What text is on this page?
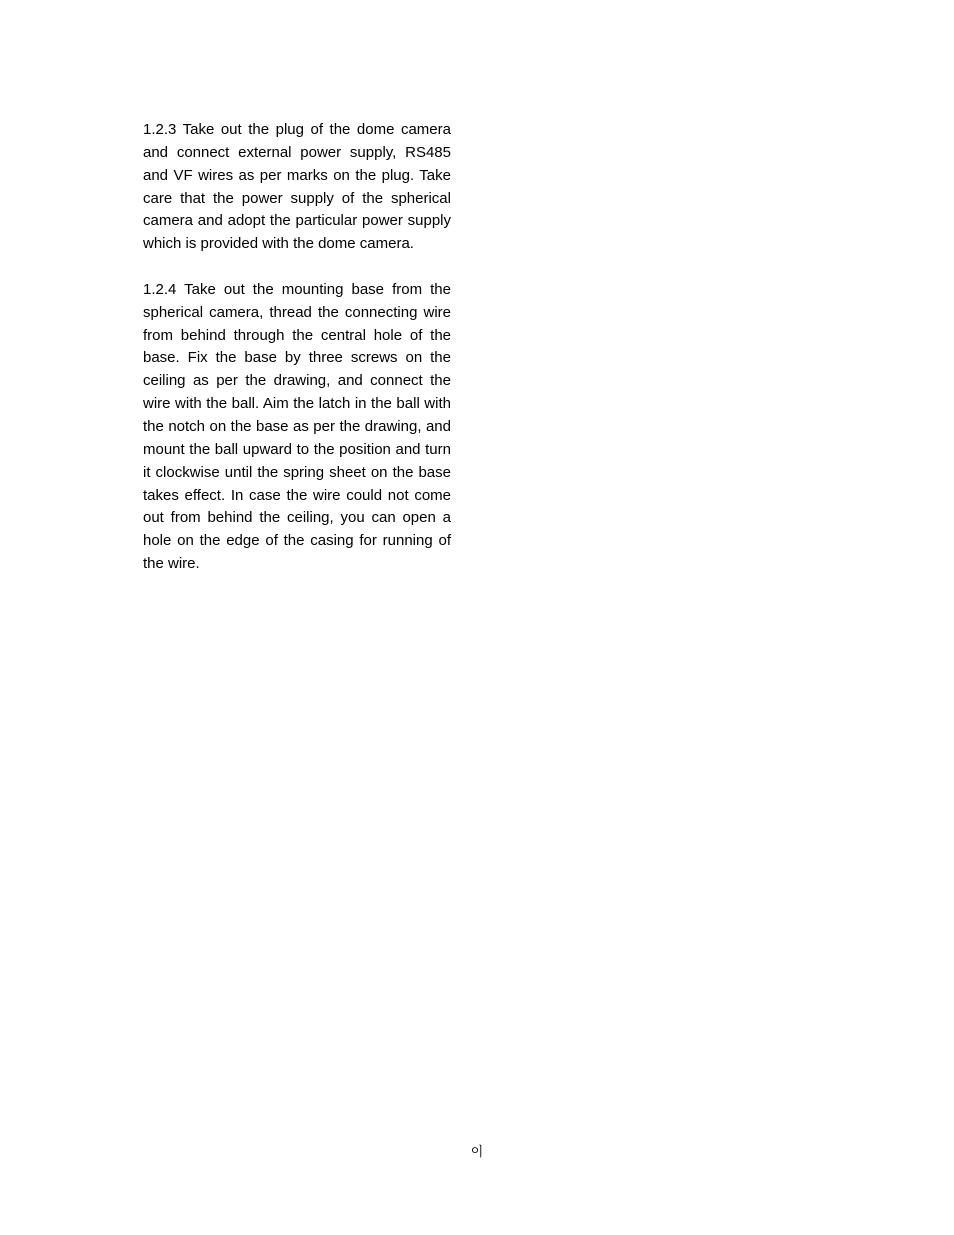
1.2.3 Take out the plug of the dome camera and connect external power supply, RS485 and VF wires as per marks on the plug. Take care that the power supply of the spherical camera and adopt the particular power supply which is provided with the dome camera.

1.2.4 Take out the mounting base from the spherical camera, thread the connecting wire from behind through the central hole of the base. Fix the base by three screws on the ceiling as per the drawing, and connect the wire with the ball. Aim the latch in the ball with the notch on the base as per the drawing, and mount the ball upward to the position and turn it clockwise until the spring sheet on the base takes effect. In case the wire could not come out from behind the ceiling, you can open a hole on the edge of the casing for running of the wire.

이
